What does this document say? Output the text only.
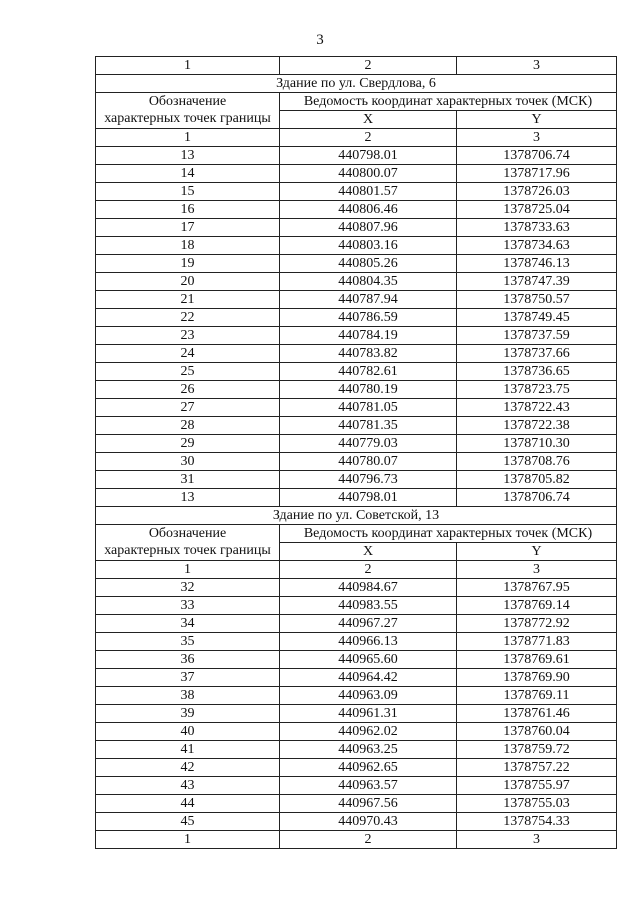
3
1	2	3
Здание по ул. Свердлова, 6		
Обозначение	Ведомость координат характерных точек (МСК)	
характерных точек границы	X	Y
1	2	3
13	440798.01	1378706.74
14	440800.07	1378717.96
15	440801.57	1378726.03
16	440806.46	1378725.04
17	440807.96	1378733.63
18	440803.16	1378734.63
19	440805.26	1378746.13
20	440804.35	1378747.39
21	440787.94	1378750.57
22	440786.59	1378749.45
23	440784.19	1378737.59
24	440783.82	1378737.66
25	440782.61	1378736.65
26	440780.19	1378723.75
27	440781.05	1378722.43
28	440781.35	1378722.38
29	440779.03	1378710.30
30	440780.07	1378708.76
31	440796.73	1378705.82
13	440798.01	1378706.74
Здание по ул. Советской, 13		
Обозначение	Ведомость координат характерных точек (МСК)	
характерных точек границы	X	Y
1	2	3
32	440984.67	1378767.95
33	440983.55	1378769.14
34	440967.27	1378772.92
35	440966.13	1378771.83
36	440965.60	1378769.61
37	440964.42	1378769.90
38	440963.09	1378769.11
39	440961.31	1378761.46
40	440962.02	1378760.04
41	440963.25	1378759.72
42	440962.65	1378757.22
43	440963.57	1378755.97
44	440967.56	1378755.03
45	440970.43	1378754.33
1	2	3
